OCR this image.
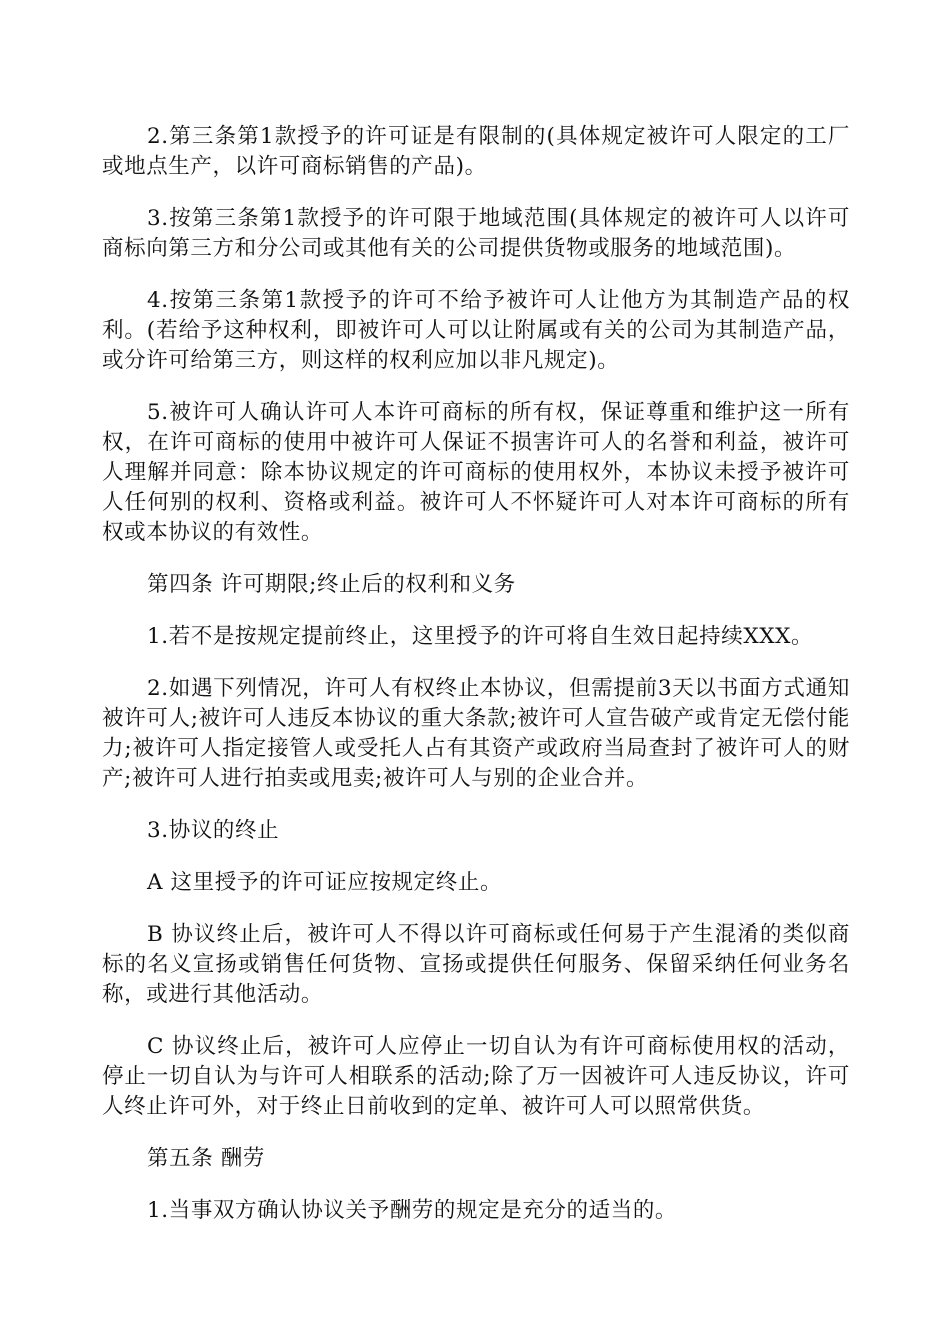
2.第三条第1款授予的许可证是有限制的(具体规定被许可人限定的工厂或地点生产，以许可商标销售的产品)。

3.按第三条第1款授予的许可限于地域范围(具体规定的被许可人以许可商标向第三方和分公司或其他有关的公司提供货物或服务的地域范围)。

4.按第三条第1款授予的许可不给予被许可人让他方为其制造产品的权利。(若给予这种权利，即被许可人可以让附属或有关的公司为其制造产品，或分许可给第三方，则这样的权利应加以非凡规定)。

5.被许可人确认许可人本许可商标的所有权，保证尊重和维护这一所有权，在许可商标的使用中被许可人保证不损害许可人的名誉和利益，被许可人理解并同意：除本协议规定的许可商标的使用权外，本协议未授予被许可人任何别的权利、资格或利益。被许可人不怀疑许可人对本许可商标的所有权或本协议的有效性。

第四条 许可期限;终止后的权利和义务

1.若不是按规定提前终止，这里授予的许可将自生效日起持续XXX。

2.如遇下列情况，许可人有权终止本协议，但需提前3天以书面方式通知被许可人;被许可人违反本协议的重大条款;被许可人宣告破产或肯定无偿付能力;被许可人指定接管人或受托人占有其资产或政府当局查封了被许可人的财产;被许可人进行拍卖或甩卖;被许可人与别的企业合并。

3.协议的终止

A 这里授予的许可证应按规定终止。

B 协议终止后，被许可人不得以许可商标或任何易于产生混淆的类似商标的名义宣扬或销售任何货物、宣扬或提供任何服务、保留采纳任何业务名称，或进行其他活动。

C 协议终止后，被许可人应停止一切自认为有许可商标使用权的活动，停止一切自认为与许可人相联系的活动;除了万一因被许可人违反协议，许可人终止许可外，对于终止日前收到的定单、被许可人可以照常供货。

第五条 酬劳

1.当事双方确认协议关予酬劳的规定是充分的适当的。
